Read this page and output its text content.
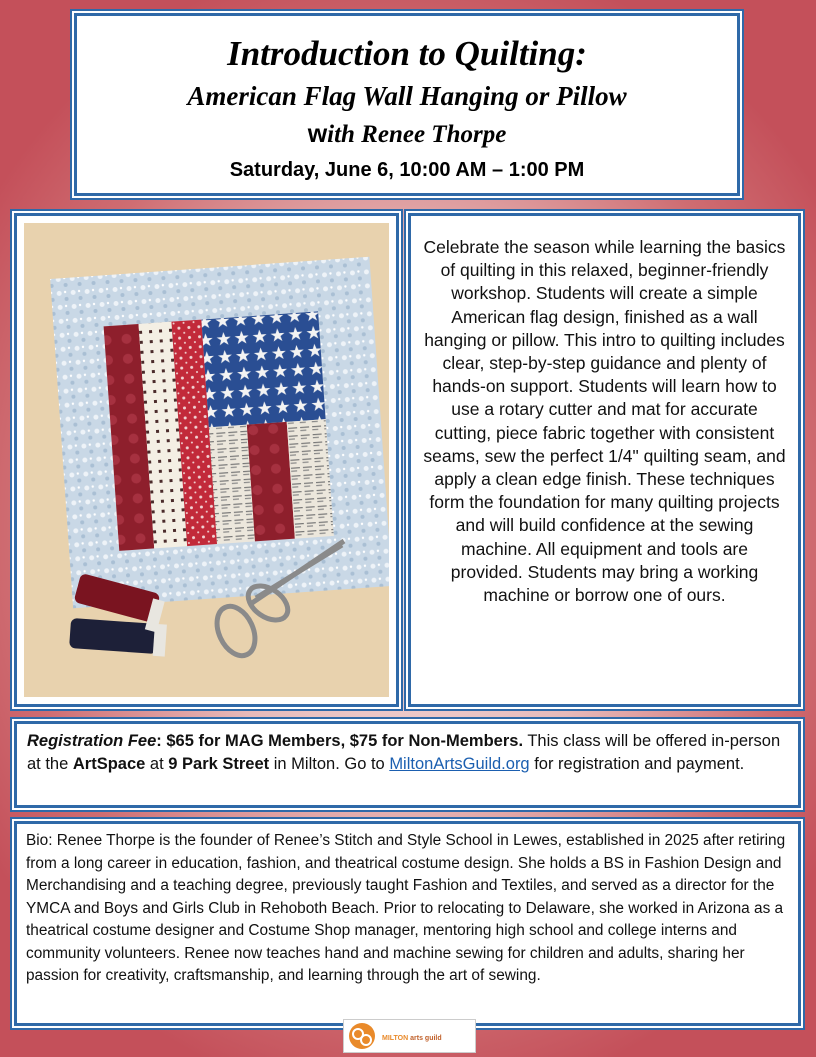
Introduction to Quilting:
American Flag Wall Hanging or Pillow
with Renee Thorpe
Saturday, June 6, 10:00 AM – 1:00 PM
Celebrate the season while learning the basics of quilting in this relaxed, beginner-friendly workshop. Students will create a simple American flag design, finished as a wall hanging or pillow. This intro to quilting includes clear, step-by-step guidance and plenty of hands-on support. Students will learn how to use a rotary cutter and mat for accurate cutting, piece fabric together with consistent seams, sew the perfect 1/4" quilting seam, and apply a clean edge finish. These techniques form the foundation for many quilting projects and will build confidence at the sewing machine. All equipment and tools are provided. Students may bring a working machine or borrow one of ours.
Registration Fee: $65 for MAG Members, $75 for Non-Members. This class will be offered in-person at the ArtSpace at 9 Park Street in Milton. Go to MiltonArtsGuild.org for registration and payment.
Bio: Renee Thorpe is the founder of Renee’s Stitch and Style School in Lewes, established in 2025 after retiring from a long career in education, fashion, and theatrical costume design. She holds a BS in Fashion Design and Merchandising and a teaching degree, previously taught Fashion and Textiles, and served as a director for the YMCA and Boys and Girls Club in Rehoboth Beach. Prior to relocating to Delaware, she worked in Arizona as a theatrical costume designer and Costume Shop manager, mentoring high school and college interns and community volunteers. Renee now teaches hand and machine sewing for children and adults, sharing her passion for creativity, craftsmanship, and learning through the art of sewing.
MILTON arts guild
